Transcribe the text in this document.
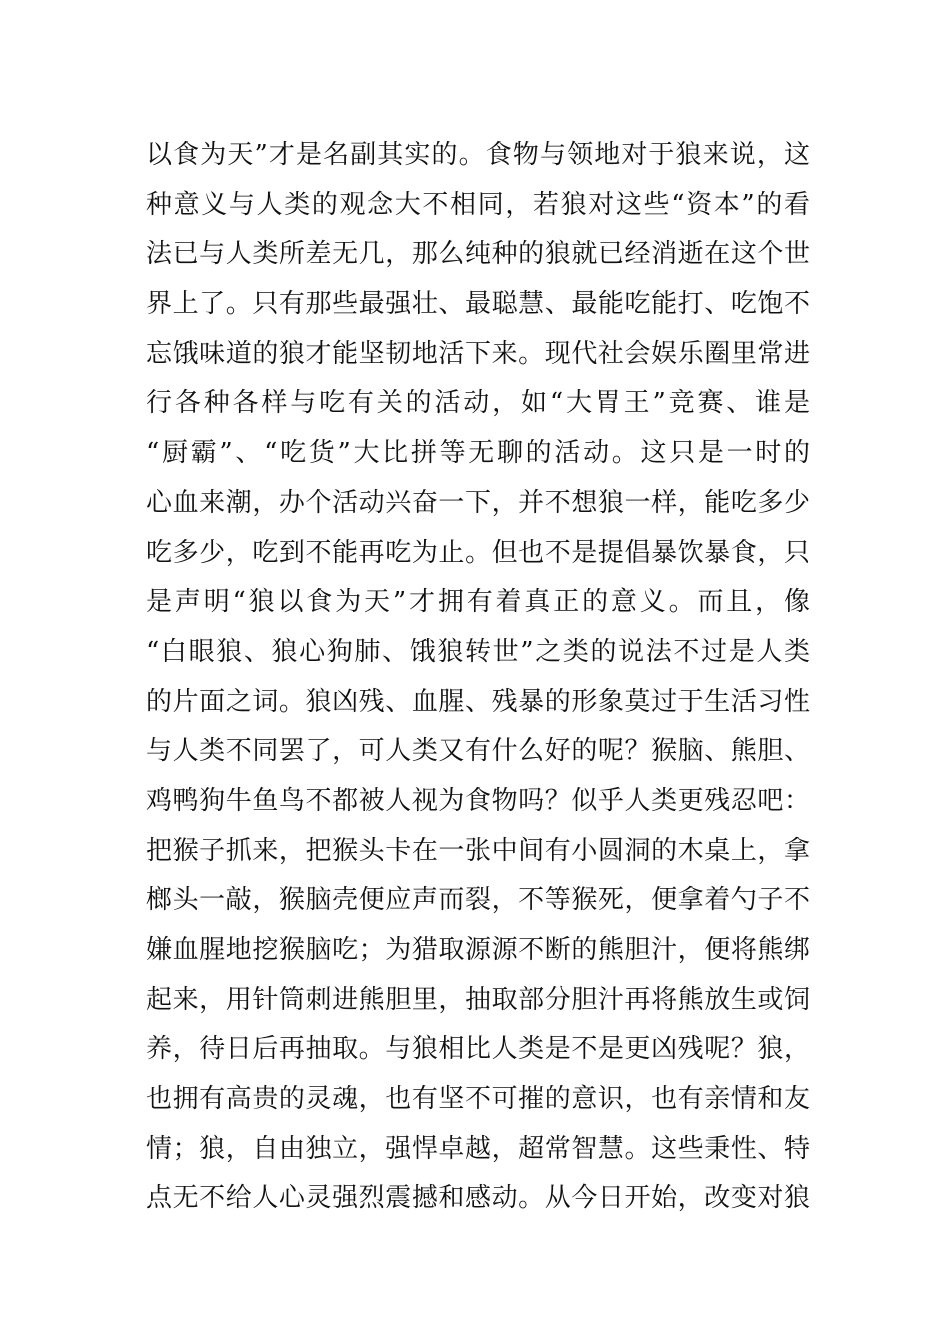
以食为天”才是名副其实的。食物与领地对于狼来说，这
种意义与人类的观念大不相同，若狼对这些“资本”的看
法已与人类所差无几，那么纯种的狼就已经消逝在这个世
界上了。只有那些最强壮、最聪慧、最能吃能打、吃饱不
忘饿味道的狼才能坚韧地活下来。现代社会娱乐圈里常进
行各种各样与吃有关的活动，如“大胃王”竞赛、谁是
“厨霸”、“吃货”大比拼等无聊的活动。这只是一时的
心血来潮，办个活动兴奋一下，并不想狼一样，能吃多少
吃多少，吃到不能再吃为止。但也不是提倡暴饮暴食，只
是声明“狼以食为天”才拥有着真正的意义。而且，像
“白眼狼、狼心狗肺、饿狼转世”之类的说法不过是人类
的片面之词。狼凶残、血腥、残暴的形象莫过于生活习性
与人类不同罢了，可人类又有什么好的呢？猴脑、熊胆、
鸡鸭狗牛鱼鸟不都被人视为食物吗？似乎人类更残忍吧：
把猴子抓来，把猴头卡在一张中间有小圆洞的木桌上，拿
榔头一敲，猴脑壳便应声而裂，不等猴死，便拿着勺子不
嫌血腥地挖猴脑吃；为猎取源源不断的熊胆汁，便将熊绑
起来，用针筒刺进熊胆里，抽取部分胆汁再将熊放生或饲
养，待日后再抽取。与狼相比人类是不是更凶残呢？狼，
也拥有高贵的灵魂，也有坚不可摧的意识，也有亲情和友
情；狼，自由独立，强悍卓越，超常智慧。这些秉性、特
点无不给人心灵强烈震撼和感动。从今日开始，改变对狼
